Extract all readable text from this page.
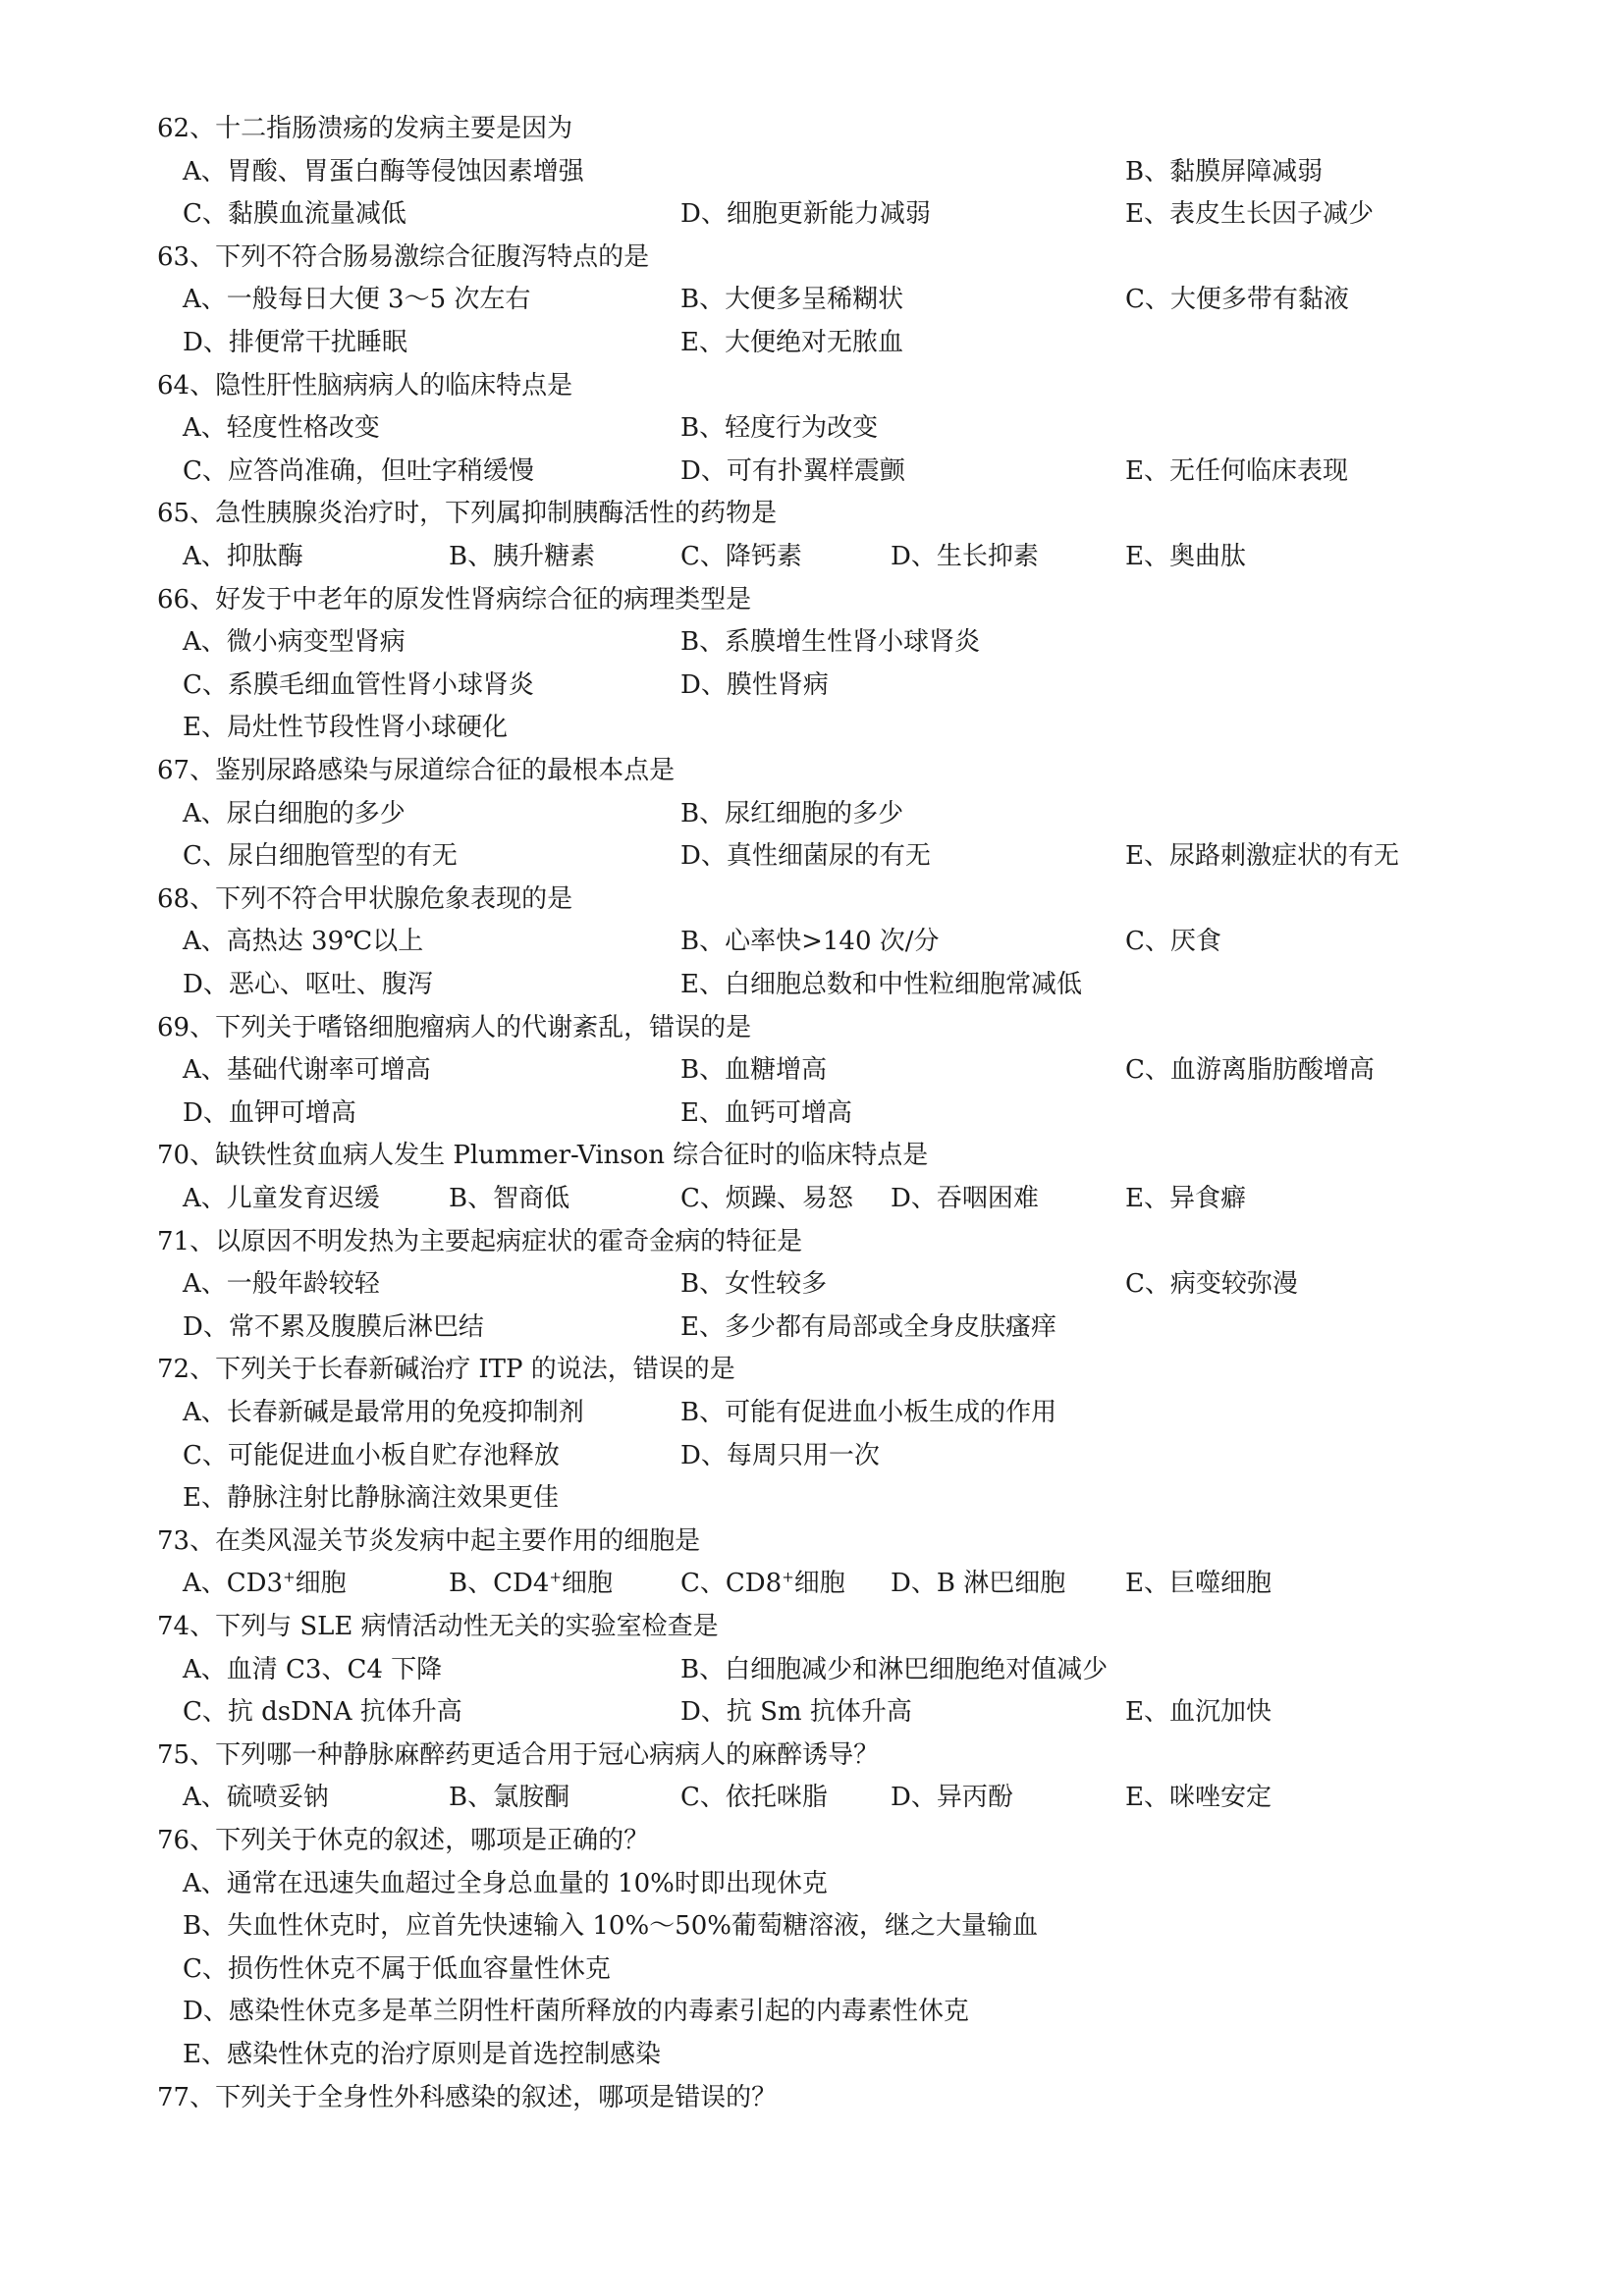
62、十二指肠溃疡的发病主要是因为
A、胃酸、胃蛋白酶等侵蚀因素增强	B、黏膜屏障减弱
C、黏膜血流量减低	D、细胞更新能力减弱	E、表皮生长因子减少
63、下列不符合肠易激综合征腹泻特点的是
A、一般每日大便 3～5 次左右	B、大便多呈稀糊状	C、大便多带有黏液
D、排便常干扰睡眠	E、大便绝对无脓血
64、隐性肝性脑病病人的临床特点是
A、轻度性格改变	B、轻度行为改变
C、应答尚准确，但吐字稍缓慢	D、可有扑翼样震颤	E、无任何临床表现
65、急性胰腺炎治疗时，下列属抑制胰酶活性的药物是
A、抑肽酶	B、胰升糖素	C、降钙素	D、生长抑素	E、奥曲肽
66、好发于中老年的原发性肾病综合征的病理类型是
A、微小病变型肾病	B、系膜增生性肾小球肾炎
C、系膜毛细血管性肾小球肾炎	D、膜性肾病
E、局灶性节段性肾小球硬化
67、鉴别尿路感染与尿道综合征的最根本点是
A、尿白细胞的多少	B、尿红细胞的多少
C、尿白细胞管型的有无	D、真性细菌尿的有无	E、尿路刺激症状的有无
68、下列不符合甲状腺危象表现的是
A、高热达 39℃以上	B、心率快>140 次/分	C、厌食
D、恶心、呕吐、腹泻	E、白细胞总数和中性粒细胞常减低
69、下列关于嗜铬细胞瘤病人的代谢紊乱，错误的是
A、基础代谢率可增高	B、血糖增高	C、血游离脂肪酸增高
D、血钾可增高	E、血钙可增高
70、缺铁性贫血病人发生 Plummer-Vinson 综合征时的临床特点是
A、儿童发育迟缓	B、智商低	C、烦躁、易怒 D、吞咽困难	E、异食癖
71、以原因不明发热为主要起病症状的霍奇金病的特征是
A、一般年龄较轻	B、女性较多	C、病变较弥漫
D、常不累及腹膜后淋巴结	E、多少都有局部或全身皮肤瘙痒
72、下列关于长春新碱治疗 ITP 的说法，错误的是
A、长春新碱是最常用的免疫抑制剂	B、可能有促进血小板生成的作用
C、可能促进血小板自贮存池释放	D、每周只用一次
E、静脉注射比静脉滴注效果更佳
73、在类风湿关节炎发病中起主要作用的细胞是
A、CD3+细胞	B、CD4+细胞	C、CD8+细胞 D、B 淋巴细胞 E、巨噬细胞
74、下列与 SLE 病情活动性无关的实验室检查是
A、血清 C3、C4 下降	B、白细胞减少和淋巴细胞绝对值减少
C、抗 dsDNA 抗体升高	D、抗 Sm 抗体升高	E、血沉加快
75、下列哪一种静脉麻醉药更适合用于冠心病病人的麻醉诱导？
A、硫喷妥钠	B、氯胺酮	C、依托咪脂 D、异丙酚	E、咪唑安定
76、下列关于休克的叙述，哪项是正确的？
A、通常在迅速失血超过全身总血量的 10%时即出现休克
B、失血性休克时，应首先快速输入 10%～50%葡萄糖溶液，继之大量输血
C、损伤性休克不属于低血容量性休克
D、感染性休克多是革兰阴性杆菌所释放的内毒素引起的内毒素性休克
E、感染性休克的治疗原则是首选控制感染
77、下列关于全身性外科感染的叙述，哪项是错误的？
